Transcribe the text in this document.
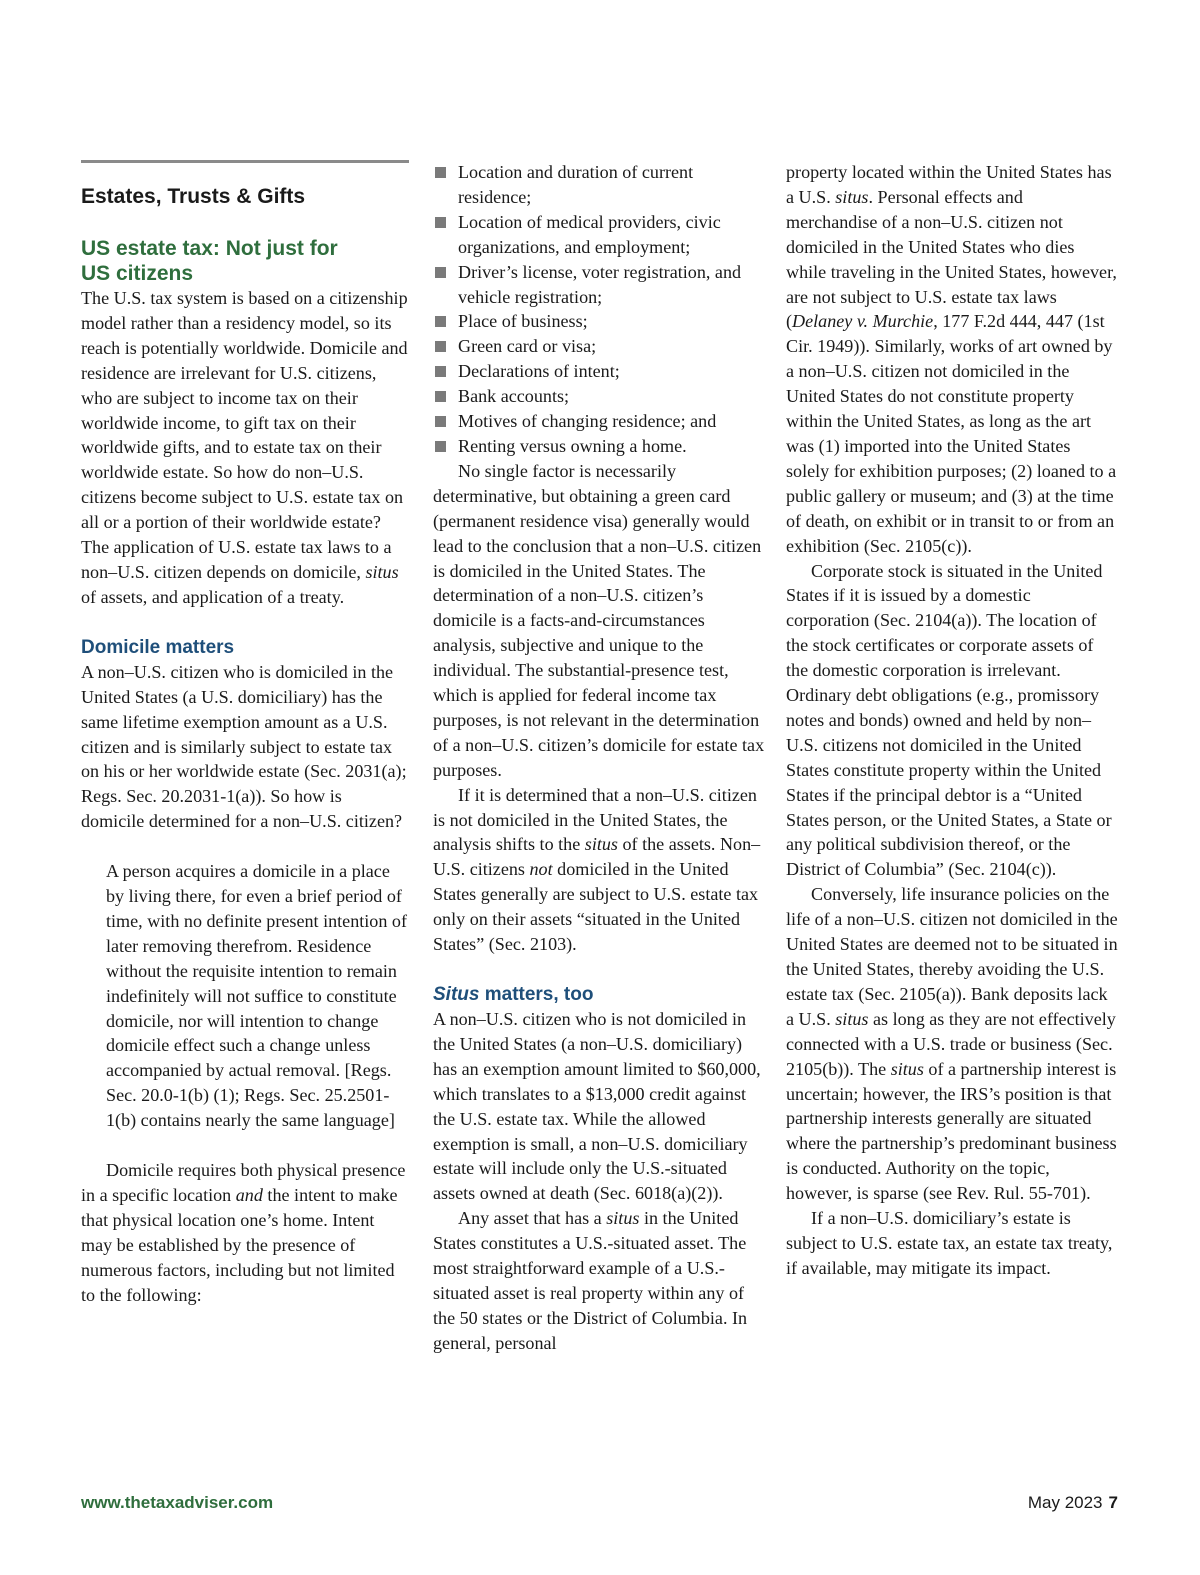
Estates, Trusts & Gifts
US estate tax: Not just for
US citizens

The U.S. tax system is based on a citizenship model rather than a residency model, so its reach is potentially worldwide. Domicile and residence are irrelevant for U.S. citizens, who are subject to income tax on their worldwide income, to gift tax on their worldwide gifts, and to estate tax on their worldwide estate. So how do non–U.S. citizens become subject to U.S. estate tax on all or a portion of their worldwide estate? The application of U.S. estate tax laws to a non–U.S. citizen depends on domicile, situs of assets, and application of a treaty.

Domicile matters

A non–U.S. citizen who is domiciled in the United States (a U.S. domiciliary) has the same lifetime exemption amount as a U.S. citizen and is similarly subject to estate tax on his or her worldwide estate (Sec. 2031(a); Regs. Sec. 20.2031-1(a)). So how is domicile determined for a non–U.S. citizen?

A person acquires a domicile in a place by living there, for even a brief period of time, with no definite present intention of later removing therefrom. Residence without the requisite intention to remain indefinitely will not suffice to constitute domicile, nor will intention to change domicile effect such a change unless accompanied by actual removal. [Regs. Sec. 20.0-1(b) (1); Regs. Sec. 25.2501-1(b) contains nearly the same language]

Domicile requires both physical presence in a specific location and the intent to make that physical location one’s home. Intent may be established by the presence of numerous factors, including but not limited to the following:

Location and duration of current residence;
Location of medical providers, civic organizations, and employment;
Driver’s license, voter registration, and vehicle registration;
Place of business;
Green card or visa;
Declarations of intent;
Bank accounts;
Motives of changing residence; and
Renting versus owning a home.

No single factor is necessarily determinative, but obtaining a green card (permanent residence visa) generally would lead to the conclusion that a non–U.S. citizen is domiciled in the United States. The determination of a non–U.S. citizen’s domicile is a facts-and-circumstances analysis, subjective and unique to the individual. The substantial-presence test, which is applied for federal income tax purposes, is not relevant in the determination of a non–U.S. citizen’s domicile for estate tax purposes.

If it is determined that a non–U.S. citizen is not domiciled in the United States, the analysis shifts to the situs of the assets. Non–U.S. citizens not domiciled in the United States generally are subject to U.S. estate tax only on their assets “situated in the United States” (Sec. 2103).

Situs matters, too

A non–U.S. citizen who is not domiciled in the United States (a non–U.S. domiciliary) has an exemption amount limited to $60,000, which translates to a $13,000 credit against the U.S. estate tax. While the allowed exemption is small, a non–U.S. domiciliary estate will include only the U.S.-situated assets owned at death (Sec. 6018(a)(2)).

Any asset that has a situs in the United States constitutes a U.S.-situated asset. The most straightforward example of a U.S.-situated asset is real property within any of the 50 states or the District of Columbia. In general, personal

property located within the United States has a U.S. situs. Personal effects and merchandise of a non–U.S. citizen not domiciled in the United States who dies while traveling in the United States, however, are not subject to U.S. estate tax laws (Delaney v. Murchie, 177 F.2d 444, 447 (1st Cir. 1949)). Similarly, works of art owned by a non–U.S. citizen not domiciled in the United States do not constitute property within the United States, as long as the art was (1) imported into the United States solely for exhibition purposes; (2) loaned to a public gallery or museum; and (3) at the time of death, on exhibit or in transit to or from an exhibition (Sec. 2105(c)).

Corporate stock is situated in the United States if it is issued by a domestic corporation (Sec. 2104(a)). The location of the stock certificates or corporate assets of the domestic corporation is irrelevant. Ordinary debt obligations (e.g., promissory notes and bonds) owned and held by non–U.S. citizens not domiciled in the United States constitute property within the United States if the principal debtor is a “United States person, or the United States, a State or any political subdivision thereof, or the District of Columbia” (Sec. 2104(c)).

Conversely, life insurance policies on the life of a non–U.S. citizen not domiciled in the United States are deemed not to be situated in the United States, thereby avoiding the U.S. estate tax (Sec. 2105(a)). Bank deposits lack a U.S. situs as long as they are not effectively connected with a U.S. trade or business (Sec. 2105(b)). The situs of a partnership interest is uncertain; however, the IRS’s position is that partnership interests generally are situated where the partnership’s predominant business is conducted. Authority on the topic, however, is sparse (see Rev. Rul. 55-701).

If a non–U.S. domiciliary’s estate is subject to U.S. estate tax, an estate tax treaty, if available, may mitigate its impact.

www.thetaxadviser.com	May 2023 7
